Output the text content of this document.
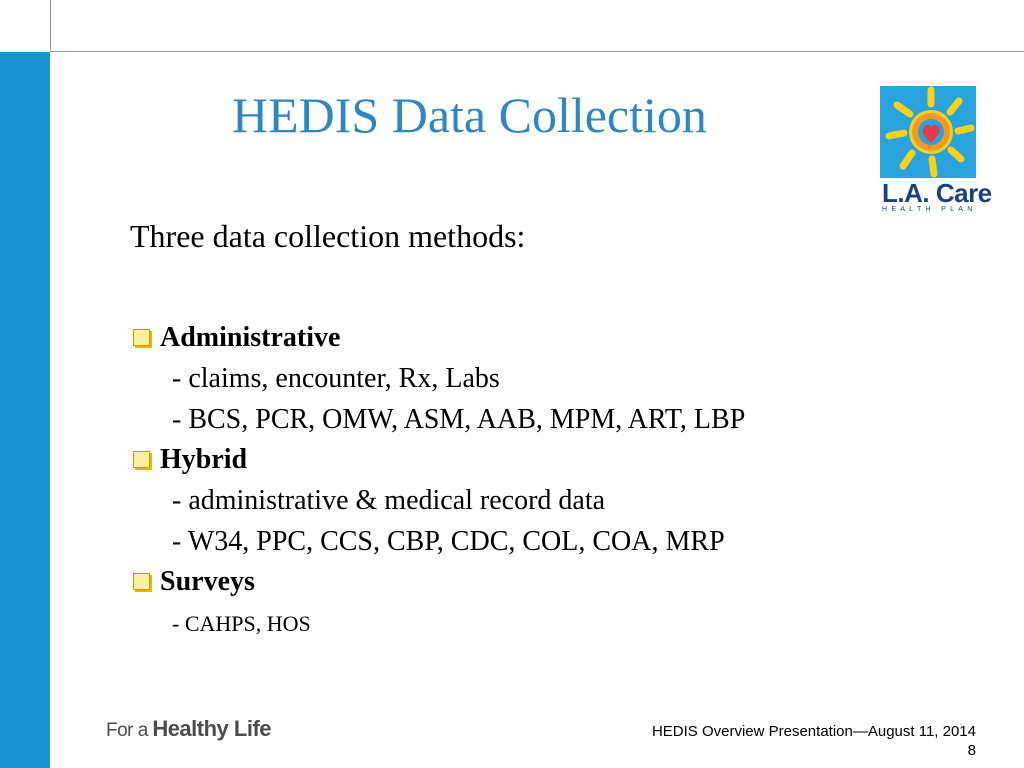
HEDIS Data Collection
L.A. Care
HEALTH PLAN

Three data collection methods:

Administrative
- claims, encounter, Rx, Labs
- BCS, PCR, OMW, ASM, AAB, MPM, ART, LBP
Hybrid
- administrative & medical record data
- W34, PPC, CCS, CBP, CDC, COL, COA, MRP
Surveys
- CAHPS, HOS
For a Healthy Life	HEDIS Overview Presentation—August 11, 2014
8
